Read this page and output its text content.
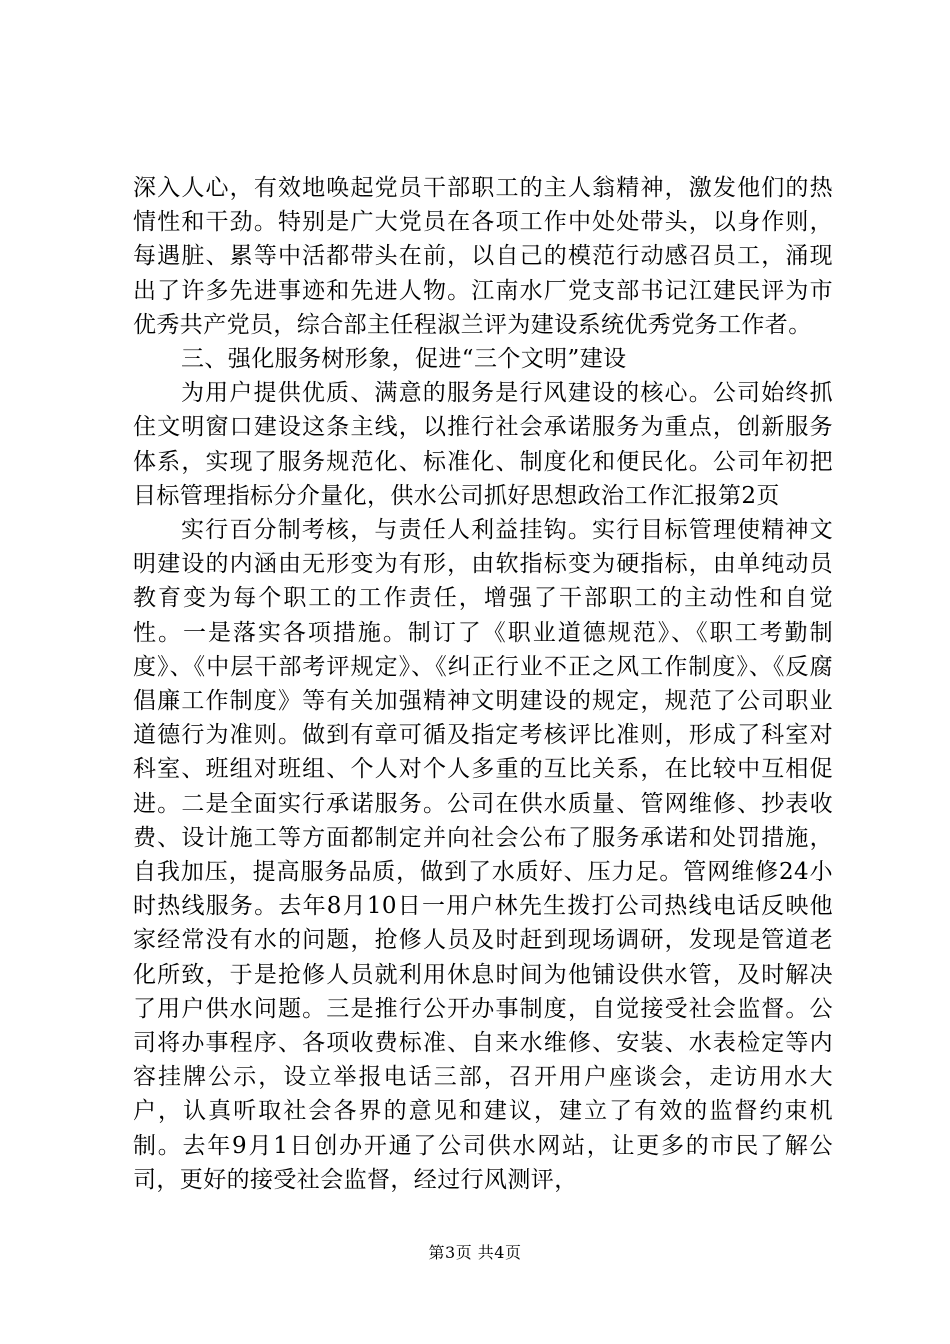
深入人心，有效地唤起党员干部职工的主人翁精神，激发他们的热情性和干劲。特别是广大党员在各项工作中处处带头，以身作则，每遇脏、累等中活都带头在前，以自己的模范行动感召员工，涌现出了许多先进事迹和先进人物。江南水厂党支部书记江建民评为市优秀共产党员，综合部主任程淑兰评为建设系统优秀党务工作者。

三、强化服务树形象，促进“三个文明”建设

为用户提供优质、满意的服务是行风建设的核心。公司始终抓住文明窗口建设这条主线，以推行社会承诺服务为重点，创新服务体系，实现了服务规范化、标准化、制度化和便民化。公司年初把目标管理指标分介量化，供水公司抓好思想政治工作汇报第2页

实行百分制考核，与责任人利益挂钩。实行目标管理使精神文明建设的内涵由无形变为有形，由软指标变为硬指标，由单纯动员教育变为每个职工的工作责任，增强了干部职工的主动性和自觉性。一是落实各项措施。制订了《职业道德规范》、《职工考勤制度》、《中层干部考评规定》、《纠正行业不正之风工作制度》、《反腐倡廉工作制度》等有关加强精神文明建设的规定，规范了公司职业道德行为准则。做到有章可循及指定考核评比准则，形成了科室对科室、班组对班组、个人对个人多重的互比关系，在比较中互相促进。二是全面实行承诺服务。公司在供水质量、管网维修、抄表收费、设计施工等方面都制定并向社会公布了服务承诺和处罚措施，自我加压，提高服务品质，做到了水质好、压力足。管网维修24小时热线服务。去年8月10日一用户林先生拨打公司热线电话反映他家经常没有水的问题，抢修人员及时赶到现场调研，发现是管道老化所致，于是抢修人员就利用休息时间为他铺设供水管，及时解决了用户供水问题。三是推行公开办事制度，自觉接受社会监督。公司将办事程序、各项收费标准、自来水维修、安装、水表检定等内容挂牌公示，设立举报电话三部，召开用户座谈会，走访用水大户，认真听取社会各界的意见和建议，建立了有效的监督约束机制。去年9月1日创办开通了公司供水网站，让更多的市民了解公司，更好的接受社会监督，经过行风测评，

第3页 共4页
